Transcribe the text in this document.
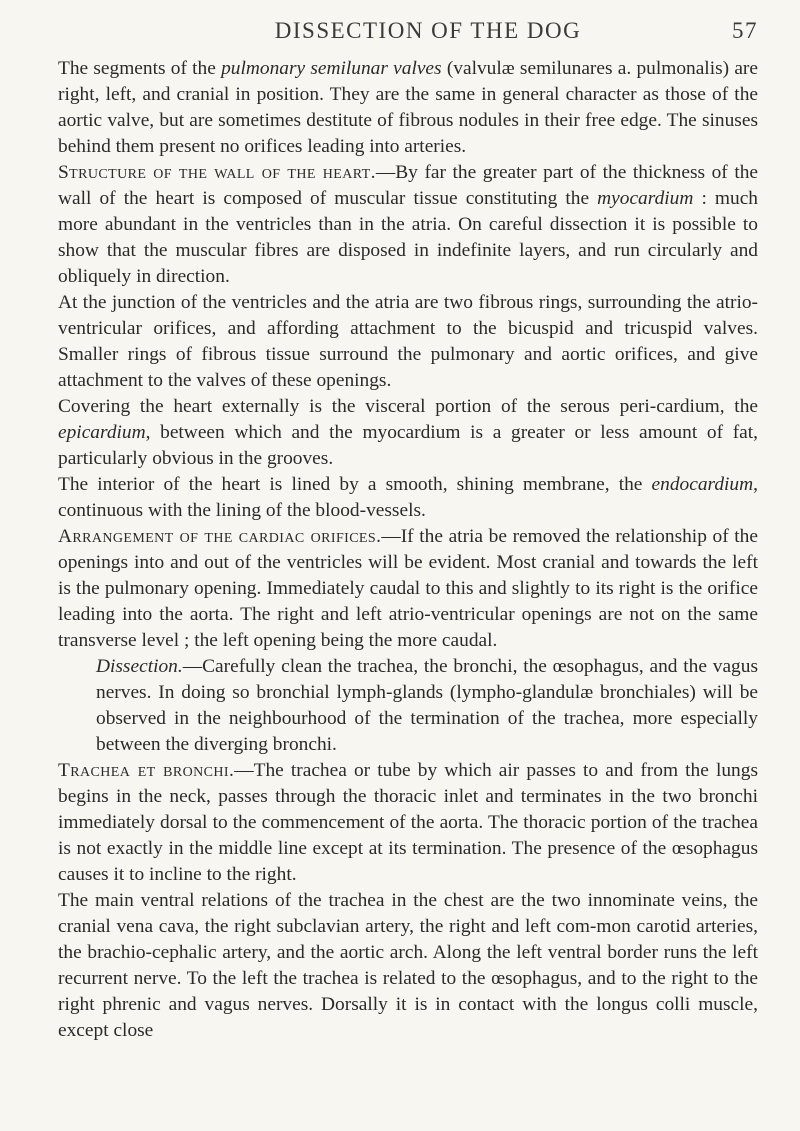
DISSECTION OF THE DOG	57

The segments of the pulmonary semilunar valves (valvulæ semilunares a. pulmonalis) are right, left, and cranial in position. They are the same in general character as those of the aortic valve, but are sometimes destitute of fibrous nodules in their free edge. The sinuses behind them present no orifices leading into arteries.

Structure of the wall of the heart.—By far the greater part of the thickness of the wall of the heart is composed of muscular tissue constituting the myocardium : much more abundant in the ventricles than in the atria. On careful dissection it is possible to show that the muscular fibres are disposed in indefinite layers, and run circularly and obliquely in direction.

At the junction of the ventricles and the atria are two fibrous rings, surrounding the atrio-ventricular orifices, and affording attachment to the bicuspid and tricuspid valves. Smaller rings of fibrous tissue surround the pulmonary and aortic orifices, and give attachment to the valves of these openings.

Covering the heart externally is the visceral portion of the serous peri-cardium, the epicardium, between which and the myocardium is a greater or less amount of fat, particularly obvious in the grooves.

The interior of the heart is lined by a smooth, shining membrane, the endocardium, continuous with the lining of the blood-vessels.

Arrangement of the cardiac orifices.—If the atria be removed the relationship of the openings into and out of the ventricles will be evident. Most cranial and towards the left is the pulmonary opening. Immediately caudal to this and slightly to its right is the orifice leading into the aorta. The right and left atrio-ventricular openings are not on the same transverse level ; the left opening being the more caudal.

Dissection.—Carefully clean the trachea, the bronchi, the œsophagus, and the vagus nerves. In doing so bronchial lymph-glands (lympho-glandulæ bronchiales) will be observed in the neighbourhood of the termination of the trachea, more especially between the diverging bronchi.

Trachea et bronchi.—The trachea or tube by which air passes to and from the lungs begins in the neck, passes through the thoracic inlet and terminates in the two bronchi immediately dorsal to the commencement of the aorta. The thoracic portion of the trachea is not exactly in the middle line except at its termination. The presence of the œsophagus causes it to incline to the right.

The main ventral relations of the trachea in the chest are the two innominate veins, the cranial vena cava, the right subclavian artery, the right and left com-mon carotid arteries, the brachio-cephalic artery, and the aortic arch. Along the left ventral border runs the left recurrent nerve. To the left the trachea is related to the œsophagus, and to the right to the right phrenic and vagus nerves. Dorsally it is in contact with the longus colli muscle, except close
